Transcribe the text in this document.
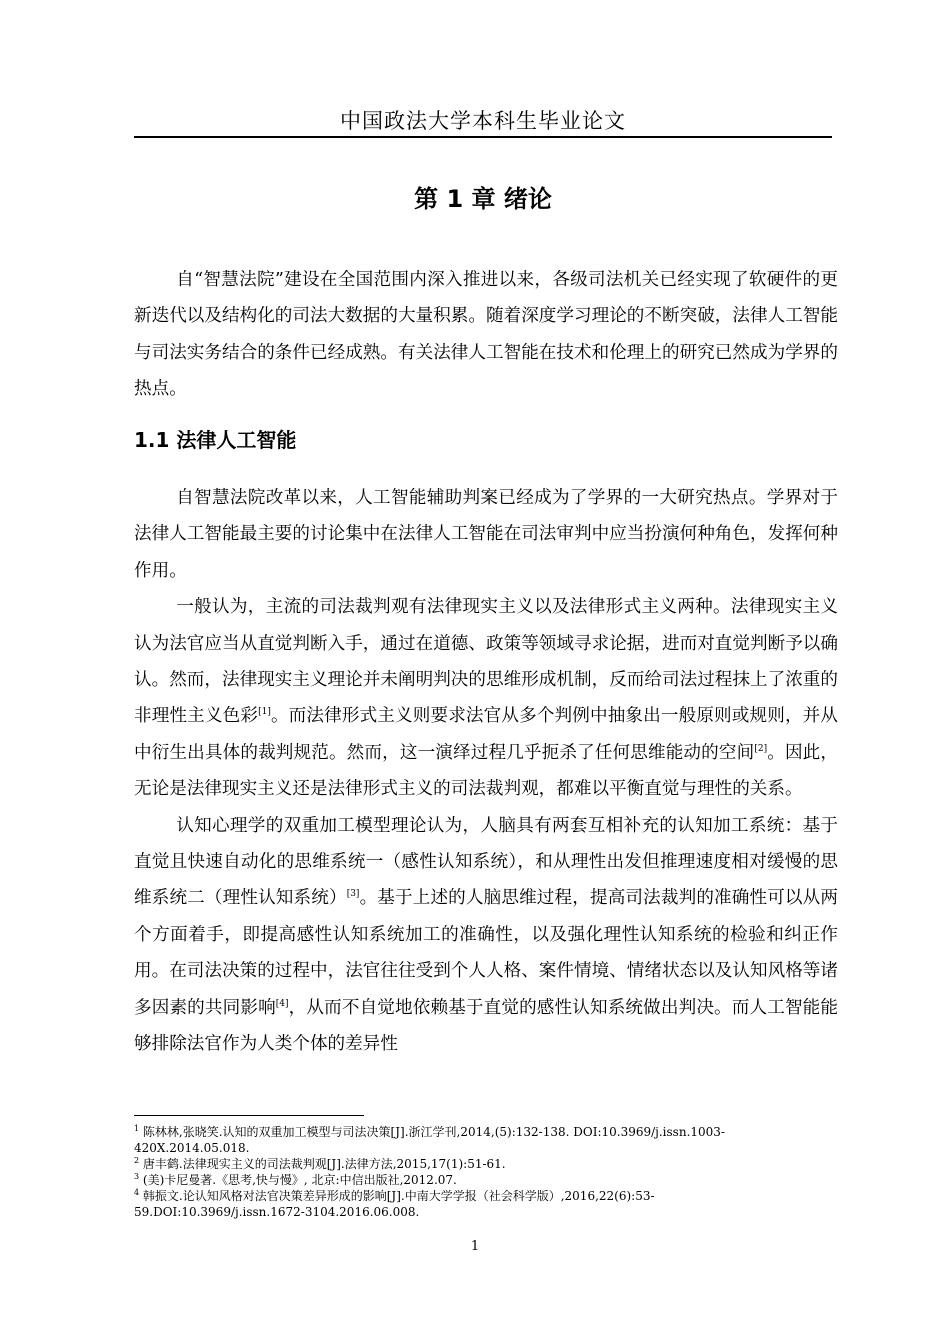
中国政法大学本科生毕业论文
第 1 章 绪论

自“智慧法院”建设在全国范围内深入推进以来，各级司法机关已经实现了软硬件的更新迭代以及结构化的司法大数据的大量积累。随着深度学习理论的不断突破，法律人工智能与司法实务结合的条件已经成熟。有关法律人工智能在技术和伦理上的研究已然成为学界的热点。

1.1 法律人工智能

自智慧法院改革以来，人工智能辅助判案已经成为了学界的一大研究热点。学界对于法律人工智能最主要的讨论集中在法律人工智能在司法审判中应当扮演何种角色，发挥何种作用。

一般认为，主流的司法裁判观有法律现实主义以及法律形式主义两种。法律现实主义认为法官应当从直觉判断入手，通过在道德、政策等领域寻求论据，进而对直觉判断予以确认。然而，法律现实主义理论并未阐明判决的思维形成机制，反而给司法过程抹上了浓重的非理性主义色彩[1]。而法律形式主义则要求法官从多个判例中抽象出一般原则或规则，并从中衍生出具体的裁判规范。然而，这一演绎过程几乎扼杀了任何思维能动的空间[2]。因此，无论是法律现实主义还是法律形式主义的司法裁判观，都难以平衡直觉与理性的关系。

认知心理学的双重加工模型理论认为，人脑具有两套互相补充的认知加工系统：基于直觉且快速自动化的思维系统一（感性认知系统），和从理性出发但推理速度相对缓慢的思维系统二（理性认知系统）[3]。基于上述的人脑思维过程，提高司法裁判的准确性可以从两个方面着手，即提高感性认知系统加工的准确性，以及强化理性认知系统的检验和纠正作用。在司法决策的过程中，法官往往受到个人人格、案件情境、情绪状态以及认知风格等诸多因素的共同影响[4]，从而不自觉地依赖基于直觉的感性认知系统做出判决。而人工智能能够排除法官作为人类个体的差异性

$^1$ 陈林林,张晓笑.认知的双重加工模型与司法决策[J].浙江学刊,2014,(5):132-138. DOI:10.3969/j.issn.1003-420X.2014.05.018.

$^2$ 唐丰鹤.法律现实主义的司法裁判观[J].法律方法,2015,17(1):51-61.

$^3$ (美)卡尼曼著.《思考,快与慢》, 北京:中信出版社,2012.07.

$^4$ 韩振文.论认知风格对法官决策差异形成的影响[J].中南大学学报（社会科学版）,2016,22(6):53-59.DOI:10.3969/j.issn.1672-3104.2016.06.008.

1
